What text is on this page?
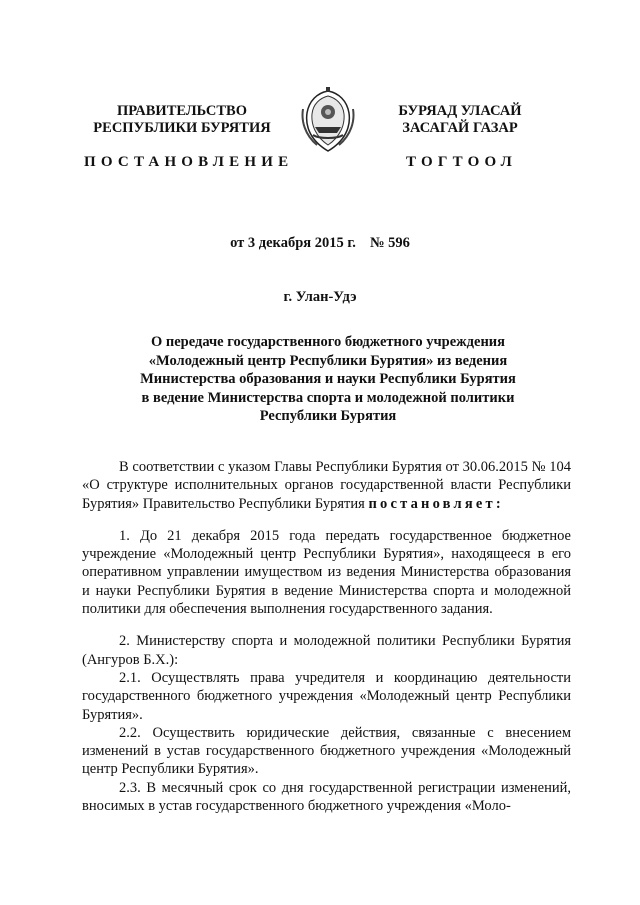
ПРАВИТЕЛЬСТВО
РЕСПУБЛИКИ БУРЯТИЯ
БУРЯАД УЛАСАЙ
ЗАСАГАЙ ГАЗАР
ПОСТАНОВЛЕНИЕ	ТОГТООЛ
от 3 декабря 2015 г. № 596
г. Улан-Удэ
О передаче государственного бюджетного учреждения
«Молодежный центр Республики Бурятия» из ведения
Министерства образования и науки Республики Бурятия
в ведение Министерства спорта и молодежной политики
Республики Бурятия

В соответствии с указом Главы Республики Бурятия от 30.06.2015 № 104 «О структуре исполнительных органов государственной власти Республики Бурятия» Правительство Республики Бурятия постановляет:

1. До 21 декабря 2015 года передать государственное бюджетное учреждение «Молодежный центр Республики Бурятия», находящееся в его оперативном управлении имуществом из ведения Министерства образования и науки Республики Бурятия в ведение Министерства спорта и молодежной политики для обеспечения выполнения государственного задания.

2. Министерству спорта и молодежной политики Республики Бурятия (Ангуров Б.Х.):

2.1. Осуществлять права учредителя и координацию деятельности государственного бюджетного учреждения «Молодежный центр Республики Бурятия».

2.2. Осуществить юридические действия, связанные с внесением изменений в устав государственного бюджетного учреждения «Молодежный центр Республики Бурятия».

2.3. В месячный срок со дня государственной регистрации изменений, вносимых в устав государственного бюджетного учреждения «Моло-
